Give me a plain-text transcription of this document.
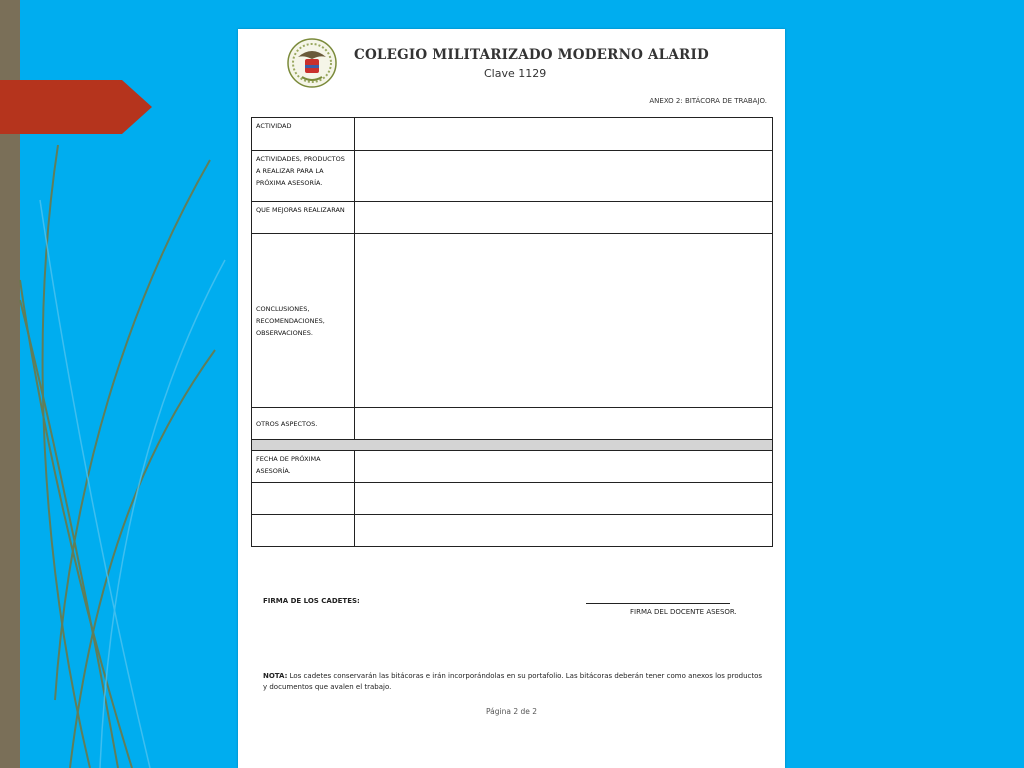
COLEGIO MILITARIZADO MODERNO ALARID
Clave 1129
ANEXO 2: BITÁCORA DE TRABAJO.
ACTIVIDAD	
ACTIVIDADES, PRODUCTOS A REALIZAR PARA LA PRÓXIMA ASESORÍA.	
QUE MEJORAS REALIZARAN	
CONCLUSIONES, RECOMENDACIONES, OBSERVACIONES.	
OTROS ASPECTOS.	

FECHA DE PRÓXIMA ASESORÍA.	

FIRMA DE LOS CADETES:
FIRMA DEL DOCENTE ASESOR.
NOTA: Los cadetes conservarán las bitácoras e irán incorporándolas en su portafolio. Las bitácoras deberán tener como anexos los productos y documentos que avalen el trabajo.
Página 2 de 2
